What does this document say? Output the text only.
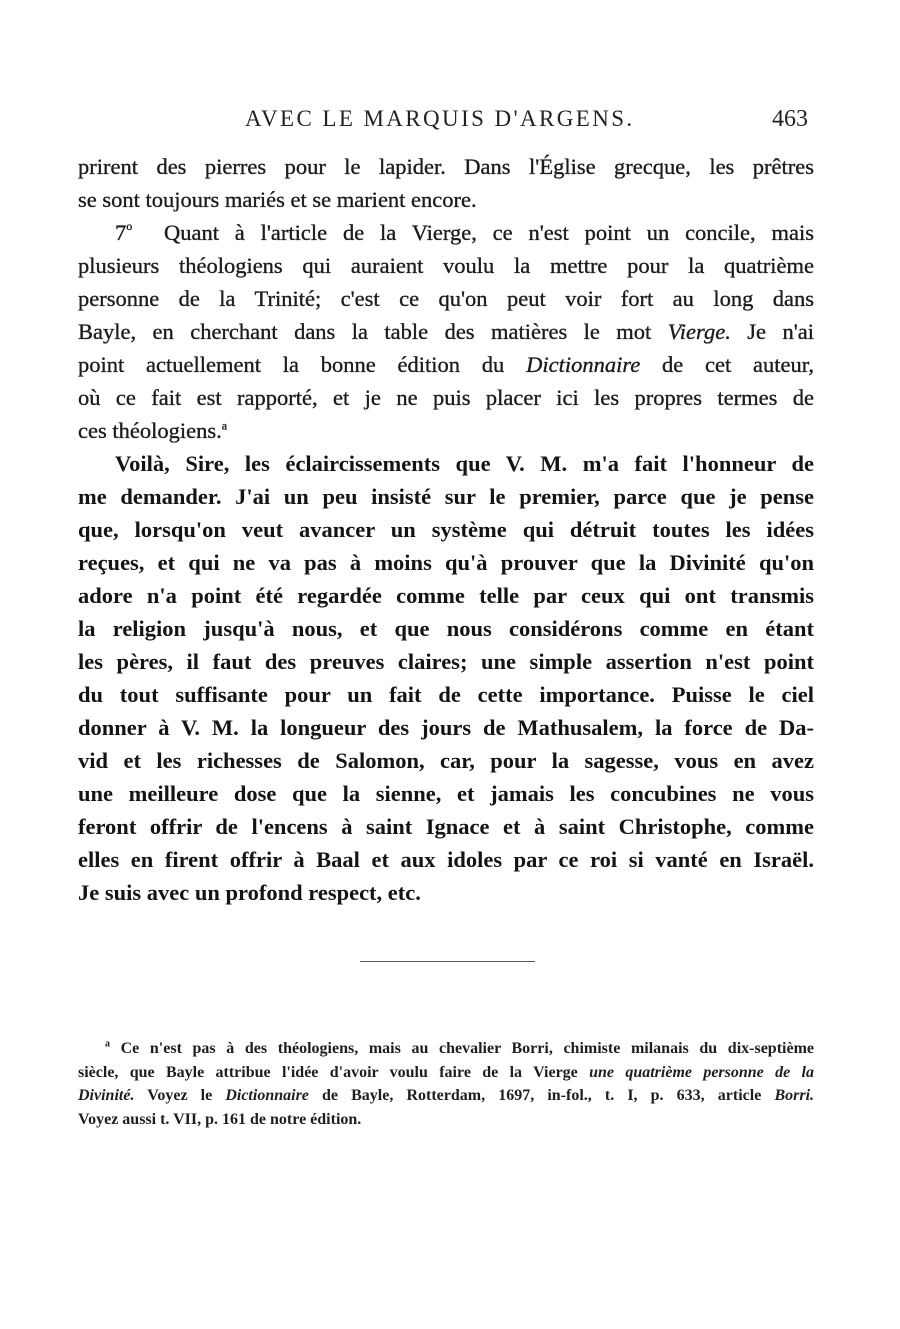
AVEC LE MARQUIS D'ARGENS.	463
prirent des pierres pour le lapider. Dans l'Église grecque, les prêtres
se sont toujours mariés et se marient encore.
7$^o$ Quant à l'article de la Vierge, ce n'est point un concile, mais
plusieurs théologiens qui auraient voulu la mettre pour la quatrième
personne de la Trinité; c'est ce qu'on peut voir fort au long dans
Bayle, en cherchant dans la table des matières le mot Vierge. Je n'ai
point actuellement la bonne édition du Dictionnaire de cet auteur,
où ce fait est rapporté, et je ne puis placer ici les propres termes de
ces théologiens.$^a$
Voilà, Sire, les éclaircissements que V. M. m'a fait l'honneur de
me demander. J'ai un peu insisté sur le premier, parce que je pense
que, lorsqu'on veut avancer un système qui détruit toutes les idées
reçues, et qui ne va pas à moins qu'à prouver que la Divinité qu'on
adore n'a point été regardée comme telle par ceux qui ont transmis
la religion jusqu'à nous, et que nous considérons comme en étant
les pères, il faut des preuves claires; une simple assertion n'est point
du tout suffisante pour un fait de cette importance. Puisse le ciel
donner à V. M. la longueur des jours de Mathusalem, la force de Da-
vid et les richesses de Salomon, car, pour la sagesse, vous en avez
une meilleure dose que la sienne, et jamais les concubines ne vous
feront offrir de l'encens à saint Ignace et à saint Christophe, comme
elles en firent offrir à Baal et aux idoles par ce roi si vanté en Israël.
Je suis avec un profond respect, etc.
$^a$ Ce n'est pas à des théologiens, mais au chevalier Borri, chimiste milanais du dix-septième
siècle, que Bayle attribue l'idée d'avoir voulu faire de la Vierge une quatrième personne de la
Divinité. Voyez le Dictionnaire de Bayle, Rotterdam, 1697, in-fol., t. I, p. 633, article Borri.
Voyez aussi t. VII, p. 161 de notre édition.
